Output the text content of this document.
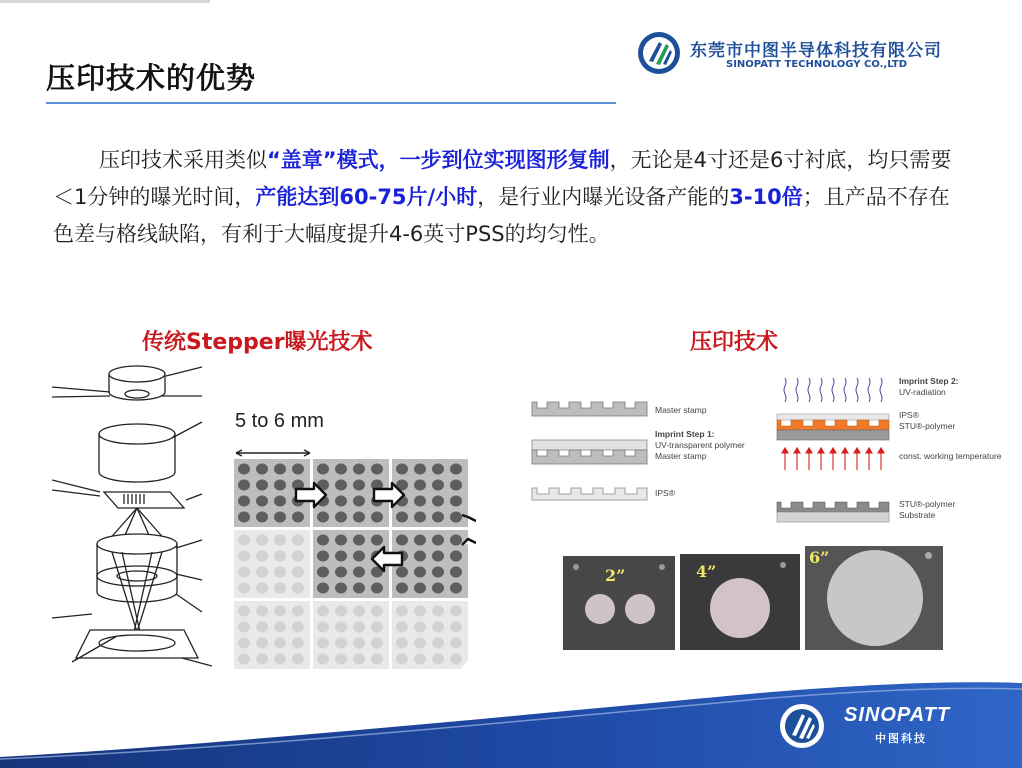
压印技术的优势
东莞市中图半导体科技有限公司
SINOPATT TECHNOLOGY CO.,LTD

压印技术采用类似“盖章”模式，一步到位实现图形复制，无论是4寸还是6寸衬底，均只需要＜1分钟的曝光时间，产能达到60-75片/小时，是行业内曝光设备产能的3-10倍；且产品不存在色差与格线缺陷，有利于大幅度提升4-6英寸PSS的均匀性。

传统Stepper曝光技术	压印技术
5 to 6 mm	Master stamp
Imprint Step 1:
UV-transparent polymer
Master stamp
IPS®
Imprint Step 2:
UV-radiation
IPS®
STU®-polymer
const. working temperature
STU®-polymer
Substrate
2”	4”
6”
SINOPATT
中图科技
